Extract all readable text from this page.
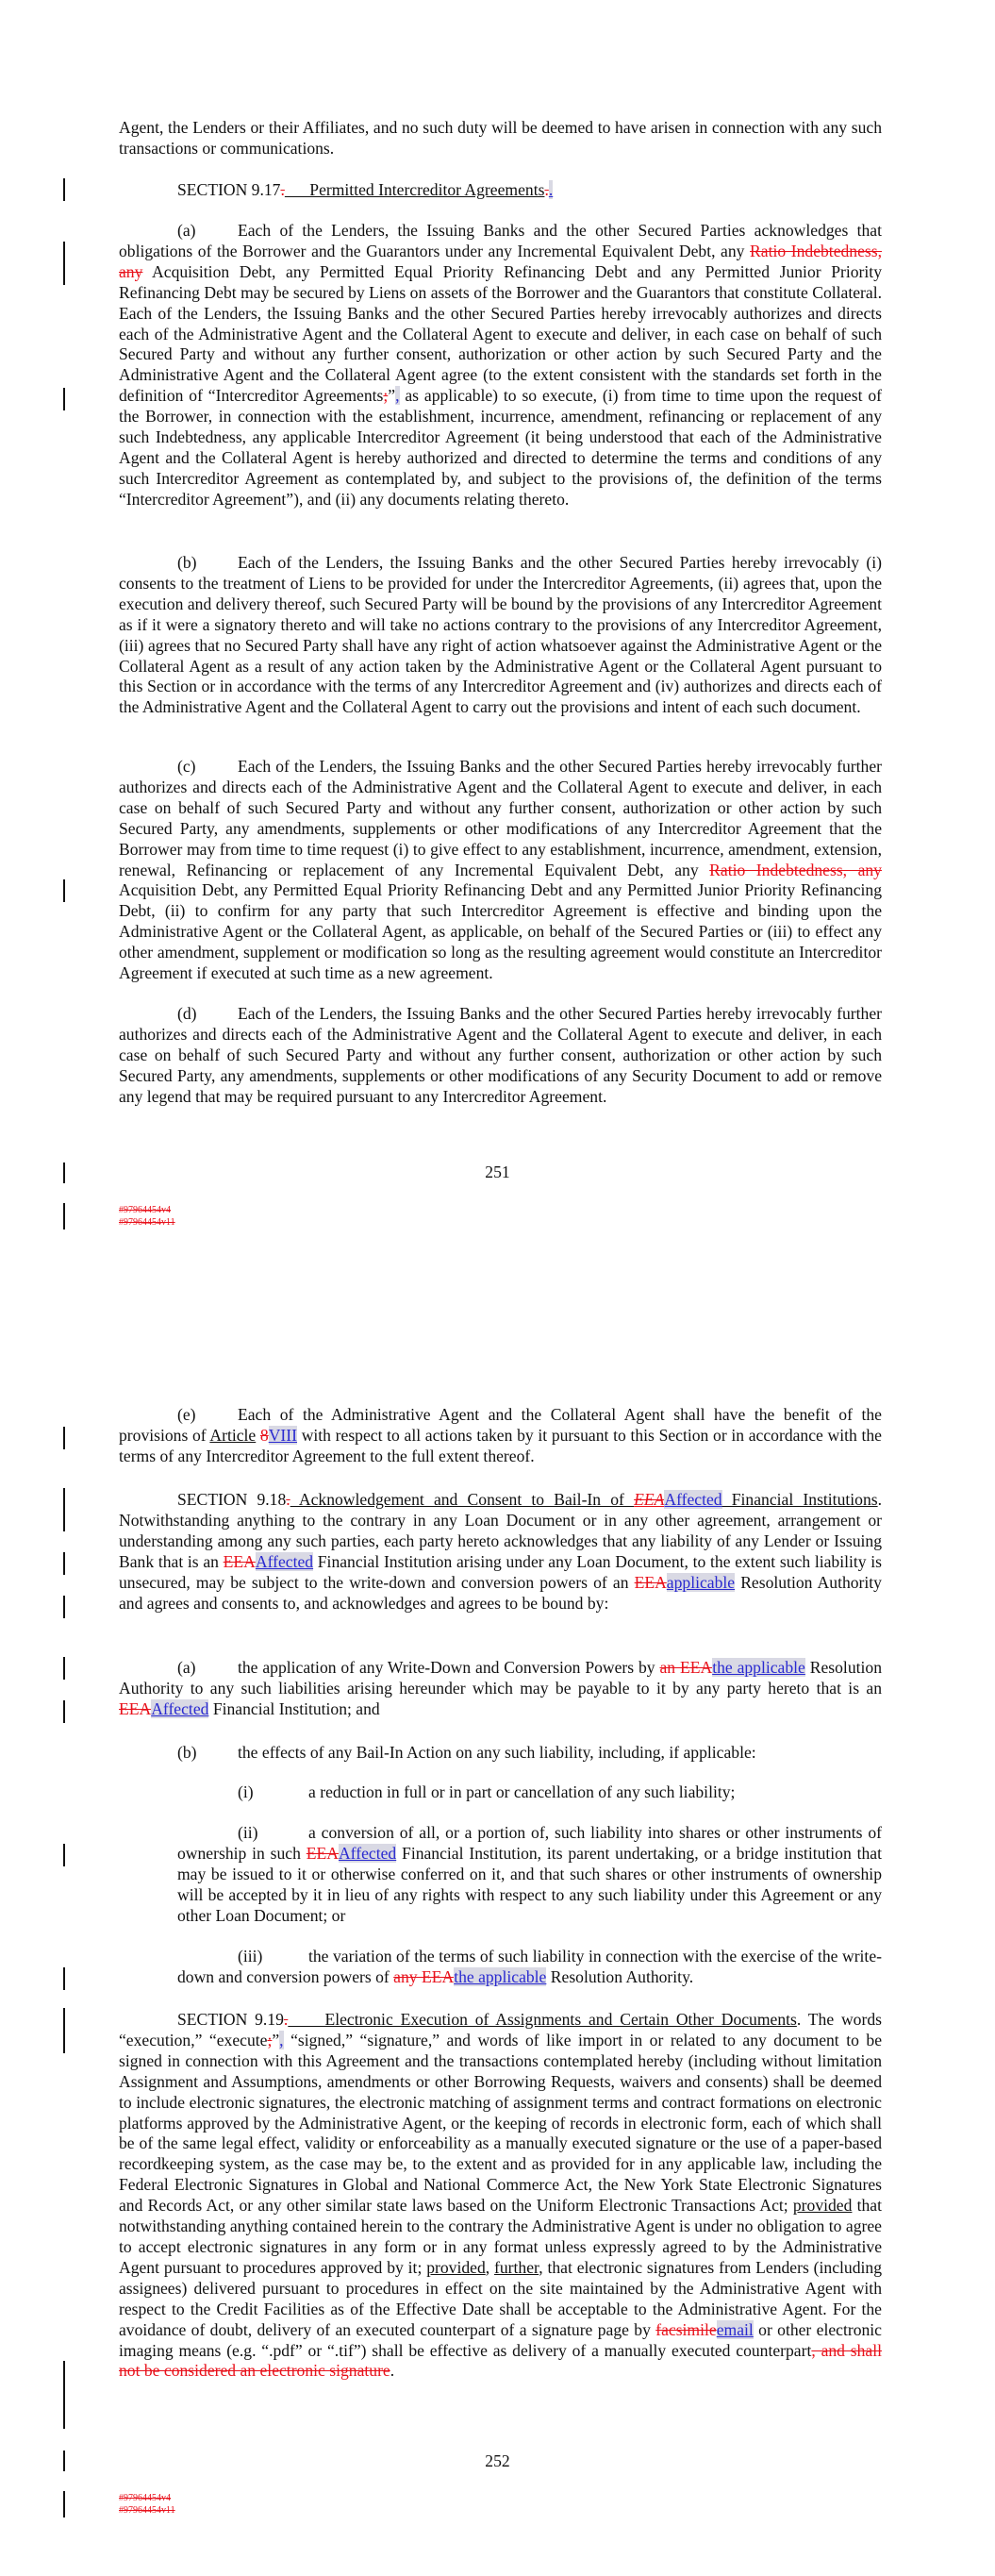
Agent, the Lenders or their Affiliates, and no such duty will be deemed to have arisen in connection with any such transactions or communications.
SECTION 9.17.      Permitted Intercreditor Agreements..
(a)	Each of the Lenders, the Issuing Banks and the other Secured Parties acknowledges that obligations of the Borrower and the Guarantors under any Incremental Equivalent Debt, any Ratio Indebtedness, any Acquisition Debt, any Permitted Equal Priority Refinancing Debt and any Permitted Junior Priority Refinancing Debt may be secured by Liens on assets of the Borrower and the Guarantors that constitute Collateral. Each of the Lenders, the Issuing Banks and the other Secured Parties hereby irrevocably authorizes and directs each of the Administrative Agent and the Collateral Agent to execute and deliver, in each case on behalf of such Secured Party and without any further consent, authorization or other action by such Secured Party and the Administrative Agent and the Collateral Agent agree (to the extent consistent with the standards set forth in the definition of “Intercreditor Agreements;”, as applicable) to so execute, (i) from time to time upon the request of the Borrower, in connection with the establishment, incurrence, amendment, refinancing or replacement of any such Indebtedness, any applicable Intercreditor Agreement (it being understood that each of the Administrative Agent and the Collateral Agent is hereby authorized and directed to determine the terms and conditions of any such Intercreditor Agreement as contemplated by, and subject to the provisions of, the definition of the terms “Intercreditor Agreement”), and (ii) any documents relating thereto.
(b) Each of the Lenders, the Issuing Banks and the other Secured Parties hereby irrevocably (i) consents to the treatment of Liens to be provided for under the Intercreditor Agreements, (ii) agrees that, upon the execution and delivery thereof, such Secured Party will be bound by the provisions of any Intercreditor Agreement as if it were a signatory thereto and will take no actions contrary to the provisions of any Intercreditor Agreement, (iii) agrees that no Secured Party shall have any right of action whatsoever against the Administrative Agent or the Collateral Agent as a result of any action taken by the Administrative Agent or the Collateral Agent pursuant to this Section or in accordance with the terms of any Intercreditor Agreement and (iv) authorizes and directs each of the Administrative Agent and the Collateral Agent to carry out the provisions and intent of each such document.
(c)	Each of the Lenders, the Issuing Banks and the other Secured Parties hereby irrevocably further authorizes and directs each of the Administrative Agent and the Collateral Agent to execute and deliver, in each case on behalf of such Secured Party and without any further consent, authorization or other action by such Secured Party, any amendments, supplements or other modifications of any Intercreditor Agreement that the Borrower may from time to time request (i) to give effect to any establishment, incurrence, amendment, extension, renewal, Refinancing or replacement of any Incremental Equivalent Debt, any Ratio Indebtedness, any Acquisition Debt, any Permitted Equal Priority Refinancing Debt and any Permitted Junior Priority Refinancing Debt, (ii) to confirm for any party that such Intercreditor Agreement is effective and binding upon the Administrative Agent or the Collateral Agent, as applicable, on behalf of the Secured Parties or (iii) to effect any other amendment, supplement or modification so long as the resulting agreement would constitute an Intercreditor Agreement if executed at such time as a new agreement.
(d) Each of the Lenders, the Issuing Banks and the other Secured Parties hereby irrevocably further authorizes and directs each of the Administrative Agent and the Collateral Agent to execute and deliver, in each case on behalf of such Secured Party and without any further consent, authorization or other action by such Secured Party, any amendments, supplements or other modifications of any Security Document to add or remove any legend that may be required pursuant to any Intercreditor Agreement.
251
#97964454v4
#97964454v11
(e)	Each of the Administrative Agent and the Collateral Agent shall have the benefit of the provisions of Article 8VIII with respect to all actions taken by it pursuant to this Section or in accordance with the terms of any Intercreditor Agreement to the full extent thereof.
SECTION 9.18. Acknowledgement and Consent to Bail-In of EEAAffected Financial Institutions. Notwithstanding anything to the contrary in any Loan Document or in any other agreement, arrangement or understanding among any such parties, each party hereto acknowledges that any liability of any Lender or Issuing Bank that is an EEAAffected Financial Institution arising under any Loan Document, to the extent such liability is unsecured, may be subject to the write-down and conversion powers of an EEAapplicable Resolution Authority and agrees and consents to, and acknowledges and agrees to be bound by:
(a)	the application of any Write-Down and Conversion Powers by an EEAthe applicable Resolution Authority to any such liabilities arising hereunder which may be payable to it by any party hereto that is an EEAAffected Financial Institution; and
(b) the effects of any Bail-In Action on any such liability, including, if applicable:
(i)	a reduction in full or in part or cancellation of any such liability;
(ii)	a conversion of all, or a portion of, such liability into shares or other instruments of ownership in such EEAAffected Financial Institution, its parent undertaking, or a bridge institution that may be issued to it or otherwise conferred on it, and that such shares or other instruments of ownership will be accepted by it in lieu of any rights with respect to any such liability under this Agreement or any other Loan Document; or
(iii)	the variation of the terms of such liability in connection with the exercise of the write-down and conversion powers of any EEAthe applicable Resolution Authority.
SECTION 9.19.     Electronic Execution of Assignments and Certain Other Documents. The words “execution,” “execute;”, “signed,” “signature,” and words of like import in or related to any document to be signed in connection with this Agreement and the transactions contemplated hereby (including without limitation Assignment and Assumptions, amendments or other Borrowing Requests, waivers and consents) shall be deemed to include electronic signatures, the electronic matching of assignment terms and contract formations on electronic platforms approved by the Administrative Agent, or the keeping of records in electronic form, each of which shall be of the same legal effect, validity or enforceability as a manually executed signature or the use of a paper-based recordkeeping system, as the case may be, to the extent and as provided for in any applicable law, including the Federal Electronic Signatures in Global and National Commerce Act, the New York State Electronic Signatures and Records Act, or any other similar state laws based on the Uniform Electronic Transactions Act; provided that notwithstanding anything contained herein to the contrary the Administrative Agent is under no obligation to agree to accept electronic signatures in any form or in any format unless expressly agreed to by the Administrative Agent pursuant to procedures approved by it; provided, further, that electronic signatures from Lenders (including assignees) delivered pursuant to procedures in effect on the site maintained by the Administrative Agent with respect to the Credit Facilities as of the Effective Date shall be acceptable to the Administrative Agent. For the avoidance of doubt, delivery of an executed counterpart of a signature page by facsimileemail or other electronic imaging means (e.g. “.pdf” or “.tif”) shall be effective as delivery of a manually executed counterpart, and shall not be considered an electronic signature.
252
#97964454v4
#97964454v11
